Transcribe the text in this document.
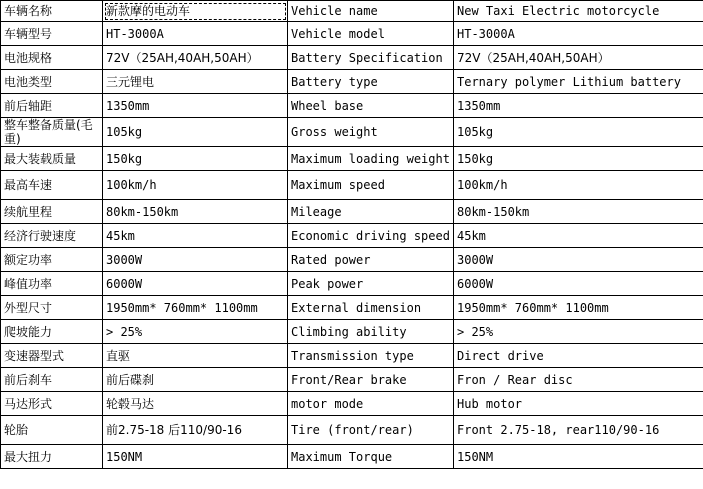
车辆名称	新款摩的电动车	Vehicle name	New Taxi Electric motorcycle
车辆型号	HT-3000A	Vehicle model	HT-3000A
电池规格	72V（25AH,40AH,50AH）	Battery Specification	72V（25AH,40AH,50AH）
电池类型	三元锂电	Battery type	Ternary polymer Lithium battery
前后轴距	1350mm	Wheel base	1350mm
整车整备质量(毛重)	105kg	Gross weight	105kg
最大装载质量	150kg	Maximum loading weight	150kg
最高车速	100km/h	Maximum speed	100km/h
续航里程	80km-150km	Mileage	80km-150km
经济行驶速度	45km	Economic driving speed	45km
额定功率	3000W	Rated power	3000W
峰值功率	6000W	Peak power	6000W
外型尺寸	1950mm* 760mm* 1100mm	External dimension	1950mm* 760mm* 1100mm
爬坡能力	> 25%	Climbing ability	> 25%
变速器型式	直驱	Transmission type	Direct drive
前后刹车	前后碟刹	Front/Rear brake	Fron / Rear disc
马达形式	轮毂马达	motor mode	Hub motor
轮胎	前2.75-18 后110/90-16	Tire (front/rear)	Front 2.75-18, rear110/90-16
最大扭力	150NM	Maximum Torque	150NM
